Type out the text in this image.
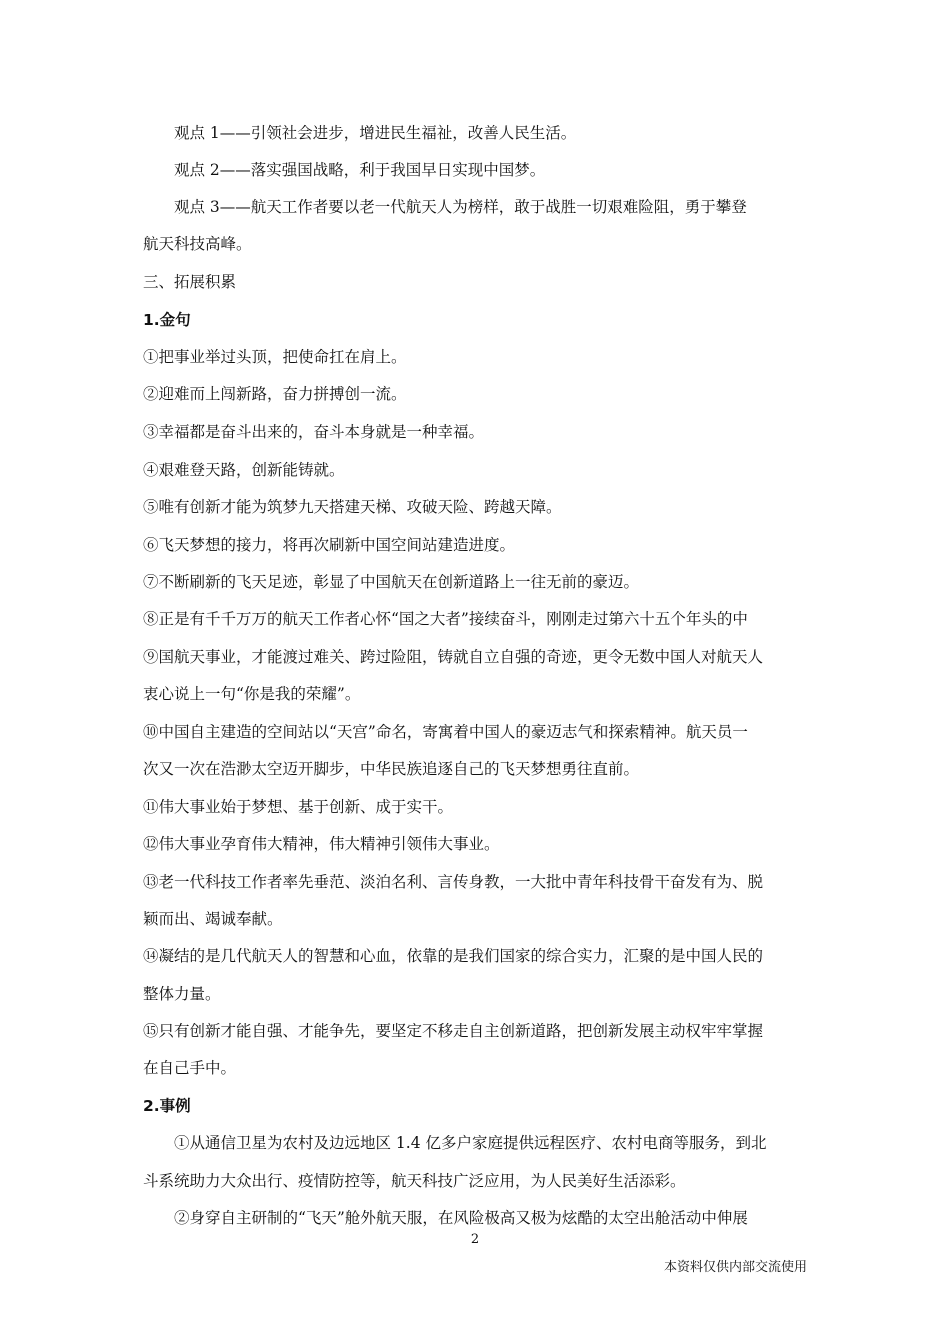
观点 1——引领社会进步，增进民生福祉，改善人民生活。
观点 2——落实强国战略，利于我国早日实现中国梦。
观点 3——航天工作者要以老一代航天人为榜样，敢于战胜一切艰难险阻，勇于攀登
航天科技高峰。
三、拓展积累
1.金句
①把事业举过头顶，把使命扛在肩上。
②迎难而上闯新路，奋力拼搏创一流。
③幸福都是奋斗出来的，奋斗本身就是一种幸福。
④艰难登天路，创新能铸就。
⑤唯有创新才能为筑梦九天搭建天梯、攻破天险、跨越天障。
⑥飞天梦想的接力，将再次刷新中国空间站建造进度。
⑦不断刷新的飞天足迹，彰显了中国航天在创新道路上一往无前的豪迈。
⑧正是有千千万万的航天工作者心怀“国之大者”接续奋斗，刚刚走过第六十五个年头的中
⑨国航天事业，才能渡过难关、跨过险阻，铸就自立自强的奇迹，更令无数中国人对航天人
衷心说上一句“你是我的荣耀”。
⑩中国自主建造的空间站以“天宫”命名，寄寓着中国人的豪迈志气和探索精神。航天员一
次又一次在浩渺太空迈开脚步，中华民族追逐自己的飞天梦想勇往直前。
⑪伟大事业始于梦想、基于创新、成于实干。
⑫伟大事业孕育伟大精神，伟大精神引领伟大事业。
⑬老一代科技工作者率先垂范、淡泊名利、言传身教，一大批中青年科技骨干奋发有为、脱
颖而出、竭诚奉献。
⑭凝结的是几代航天人的智慧和心血，依靠的是我们国家的综合实力，汇聚的是中国人民的
整体力量。
⑮只有创新才能自强、才能争先，要坚定不移走自主创新道路，把创新发展主动权牢牢掌握
在自己手中。
2.事例
①从通信卫星为农村及边远地区 1.4 亿多户家庭提供远程医疗、农村电商等服务，到北
斗系统助力大众出行、疫情防控等，航天科技广泛应用，为人民美好生活添彩。
②身穿自主研制的“飞天”舱外航天服，在风险极高又极为炫酷的太空出舱活动中伸展
2
本资料仅供内部交流使用
